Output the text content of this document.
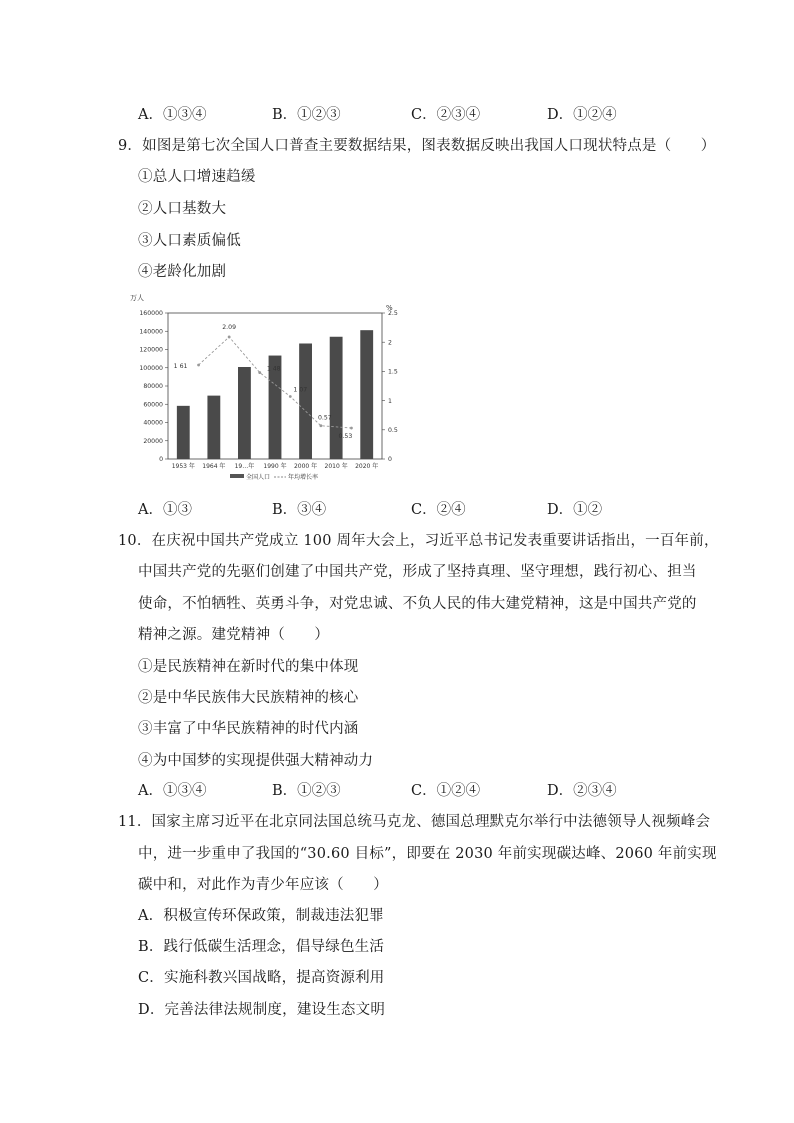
A．①③④	B．①②③	C．②③④	D．①②④
9．如图是第七次全国人口普查主要数据结果，图表数据反映出我国人口现状特点是（　　）
①总人口增速趋缓
②人口基数大
③人口素质偏低
④老龄化加剧
万人
%
0
20000
40000
60000
80000
100000
120000
140000
160000
0
0.5
1
1.5
2
2.5
1 61
2.09
1 48
1 07
0.57
0.53
1953 年 1964 年 19…年 1990 年 2000 年 2010 年 2020 年
全国人口	年均增长率
A．①③	B．③④	C．②④	D．①②
10．在庆祝中国共产党成立 100 周年大会上，习近平总书记发表重要讲话指出，一百年前，
中国共产党的先驱们创建了中国共产党，形成了坚持真理、坚守理想，践行初心、担当
使命，不怕牺牲、英勇斗争，对党忠诚、不负人民的伟大建党精神，这是中国共产党的
精神之源。建党精神（　　）
①是民族精神在新时代的集中体现
②是中华民族伟大民族精神的核心
③丰富了中华民族精神的时代内涵
④为中国梦的实现提供强大精神动力
A．①③④	B．①②③	C．①②④	D．②③④
11．国家主席习近平在北京同法国总统马克龙、德国总理默克尔举行中法德领导人视频峰会
中，进一步重申了我国的“30.60 目标”，即要在 2030 年前实现碳达峰、2060 年前实现
碳中和，对此作为青少年应该（　　）
A．积极宣传环保政策，制裁违法犯罪
B．践行低碳生活理念，倡导绿色生活
C．实施科教兴国战略，提高资源利用
D．完善法律法规制度，建设生态文明
